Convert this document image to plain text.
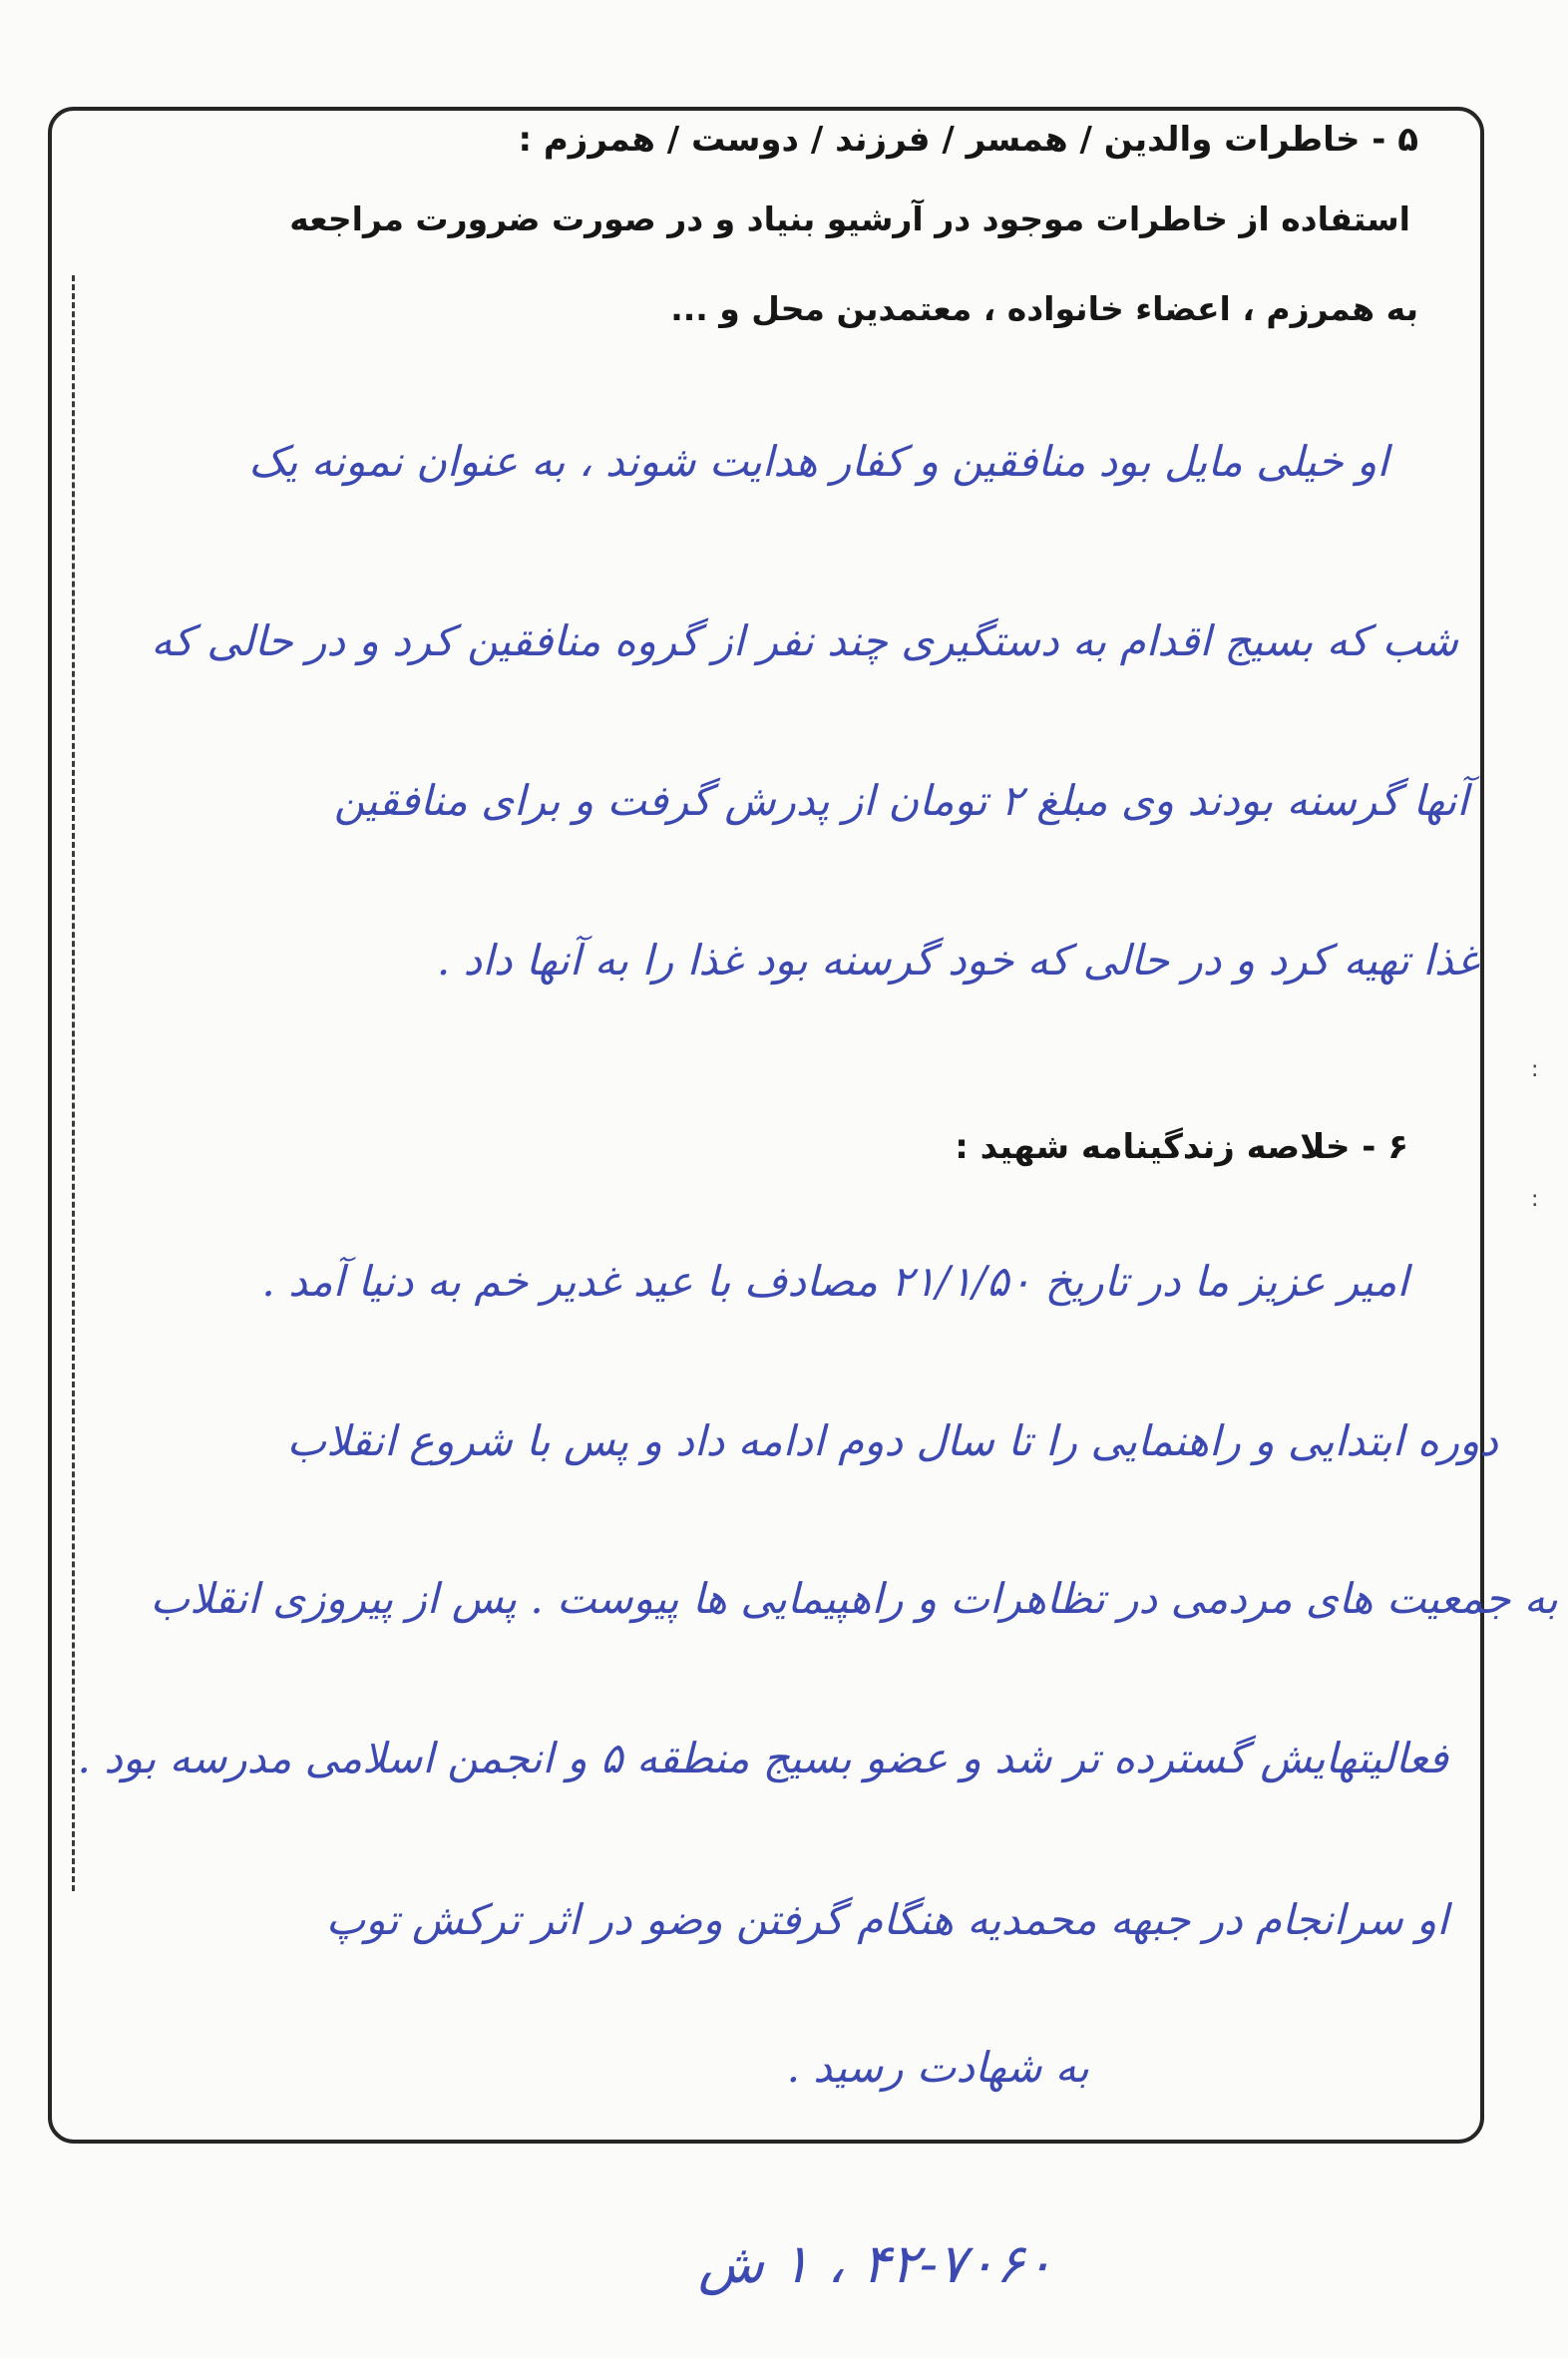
۵ - خاطرات والدین / همسر / فرزند / دوست / همرزم :
استفاده از خاطرات موجود در آرشیو بنیاد و در صورت ضرورت مراجعه
به همرزم ، اعضاء خانواده ، معتمدین محل و ...
او خیلی مایل بود منافقین و کفار هدایت شوند ، به عنوان نمونه یک
شب که بسیج اقدام به دستگیری چند نفر از گروه منافقین کرد و در حالی که
آنها گرسنه بودند وی مبلغ ۲ تومان از پدرش گرفت و برای منافقین
غذا تهیه کرد و در حالی که خود گرسنه بود غذا را به آنها داد .
۶ - خلاصه زندگینامه شهید :
امیر عزیز ما در تاریخ ۲۱/۱/۵۰ مصادف با عید غدیر خم به دنیا آمد .
دوره ابتدایی و راهنمایی را تا سال دوم ادامه داد و پس با شروع انقلاب
به جمعیت های مردمی در تظاهرات و راهپیمایی ها پیوست . پس از پیروزی انقلاب
فعالیتهایش گسترده تر شد و عضو بسیج منطقه ۵ و انجمن اسلامی مدرسه بود .
او سرانجام در جبهه محمدیه هنگام گرفتن وضو در اثر ترکش توپ
به شهادت رسید .
:
:
۴۲-۷۰۶۰ ، ۱ ش
